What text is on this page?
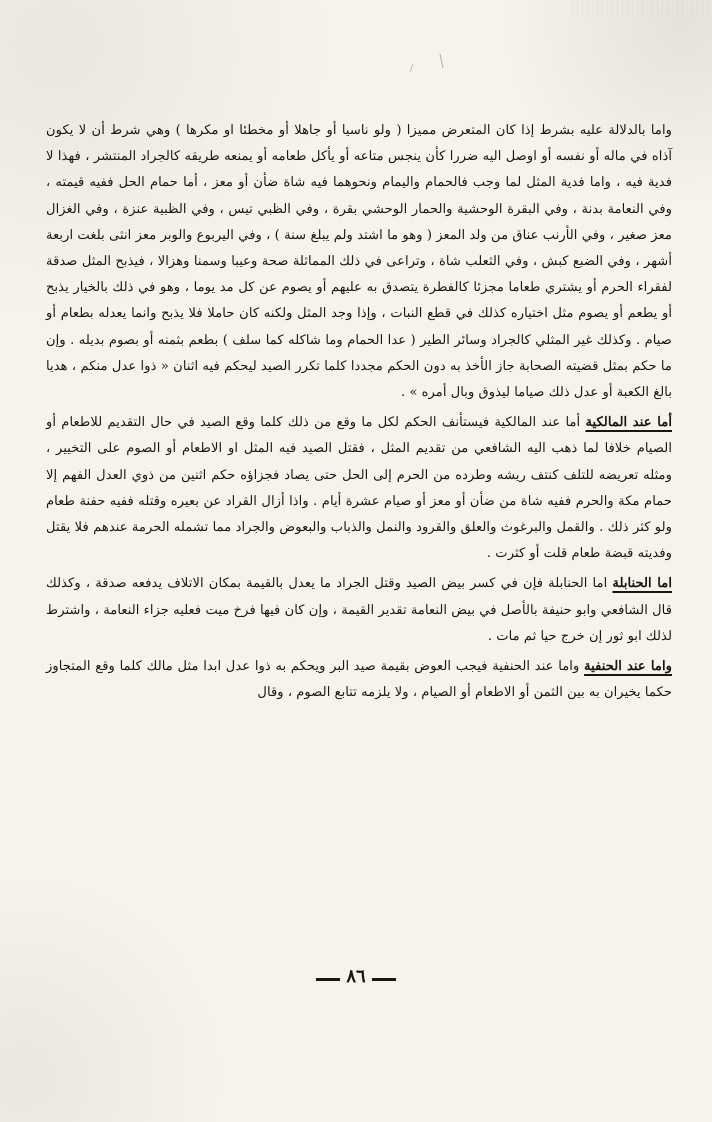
واما بالدلالة عليه بشرط إذا كان المتعرض مميزا ( ولو ناسيا أو جاهلا أو مخطئا او مكرها ) وهي شرط أن لا يكون آذاه في ماله أو نفسه أو اوصل اليه ضررا كأن ينجس متاعه أو يأكل طعامه أو يمنعه طريقه كالجراد المنتشر ، فهذا لا فدية فيه ، واما فدية المثل لما وجب فالحمام واليمام ونحوهما فيه شاة ضأن أو معز ، أما حمام الحل ففيه قيمته ، وفي النعامة بدنة ، وفي البقرة الوحشية والحمار الوحشي بقرة ، وفي الظبي تيس ، وفي الظبية عنزة ، وفي الغزال معز صغير ، وفي الأرنب عناق من ولد المعز ( وهو ما اشتد ولم يبلغ سنة ) ، وفي اليربوع والوبر معز انثى بلغت اربعة أشهر ، وفي الضبع كبش ، وفي الثعلب شاة ، وتراعى في ذلك المماثلة صحة وعيبا وسمنا وهزالا ، فيذبح المثل صدقة لفقراء الحرم أو يشتري طعاما مجزئا كالفطرة يتصدق به عليهم أو يصوم عن كل مد يوما ، وهو في ذلك بالخيار يذبح أو يطعم أو يصوم مثل اختياره كذلك في قطع النبات ، وإذا وجد المثل ولكنه كان حاملا فلا يذبح وانما يعدله بطعام أو صيام . وكذلك غير المثلي كالجراد وسائر الطير ( عدا الحمام وما شاكله كما سلف ) بطعم بثمنه أو بصوم بديله . وإن ما حكم بمثل قضيته الصحابة جاز الأخذ به دون الحكم مجددا كلما تكرر الصيد ليحكم فيه اثنان « ذوا عدل منكم ، هديا بالغ الكعبة أو عدل ذلك صياما ليذوق وبال أمره » .

أما عند المالكية أما عند المالكية فيستأنف الحكم لكل ما وقع من ذلك كلما وقع الصيد في حال التقديم للاطعام أو الصيام خلافا لما ذهب اليه الشافعي من تقديم المثل ، فقتل الصيد فيه المثل او الاطعام أو الصوم على التخيير ، ومثله تعريضه للتلف كنتف ريشه وطرده من الحرم إلى الحل حتى يصاد فجزاؤه حكم اثنين من ذوي العدل الفهم إلا حمام مكة والحرم ففيه شاة من ضأن أو معز أو صيام عشرة أيام . واذا أزال القراد عن بعيره وقتله ففيه حفنة طعام ولو كثر ذلك . والقمل والبرغوث والعلق والقرود والنمل والذباب والبعوض والجراد مما تشمله الحرمة عندهم فلا يقتل وفديته قبضة طعام قلت أو كثرت .

اما الحنابلة اما الحنابلة فإن في كسر بيض الصيد وقتل الجراد ما يعدل بالقيمة بمكان الاتلاف يدفعه صدقة ، وكذلك قال الشافعي وابو حنيفة بالأصل في بيض النعامة تقدير القيمة ، وإن كان فيها فرخ ميت فعليه جزاء النعامة ، واشترط لذلك ابو ثور إن خرج حيا ثم مات .

واما عند الحنفية واما عند الحنفية فيجب العوض بقيمة صيد البر ويحكم به ذوا عدل ابدا مثل مالك كلما وقع المتجاوز حكما يخيران به بين الثمن أو الاطعام أو الصيام ، ولا يلزمه تتابع الصوم ، وقال

٨٦
